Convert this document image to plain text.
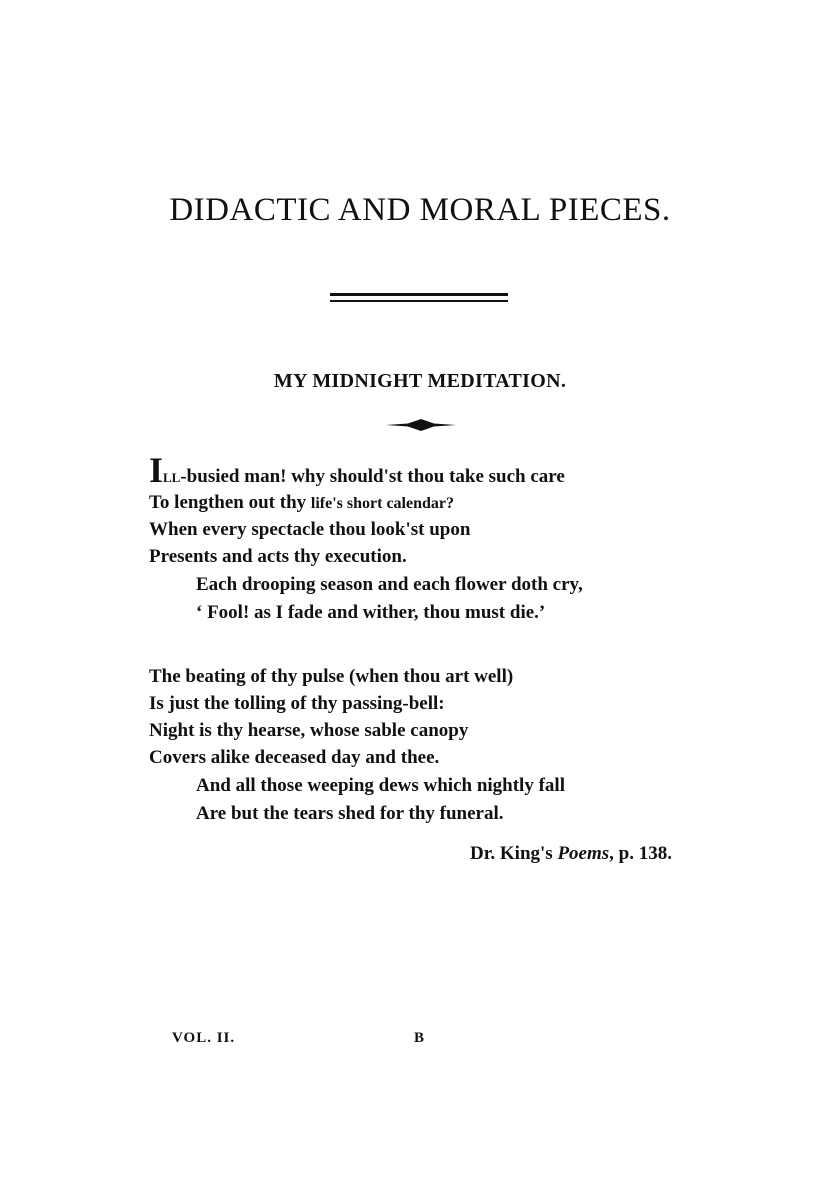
DIDACTIC AND MORAL PIECES.
MY MIDNIGHT MEDITATION.
Ill-busied man! why should'st thou take such care
To lengthen out thy life's short calendar?
When every spectacle thou look'st upon
Presents and acts thy execution.
Each drooping season and each flower doth cry,
‘ Fool! as I fade and wither, thou must die.’
The beating of thy pulse (when thou art well)
Is just the tolling of thy passing-bell:
Night is thy hearse, whose sable canopy
Covers alike deceased day and thee.
And all those weeping dews which nightly fall
Are but the tears shed for thy funeral.
Dr. King's Poems, p. 138.
VOL. II.	B
